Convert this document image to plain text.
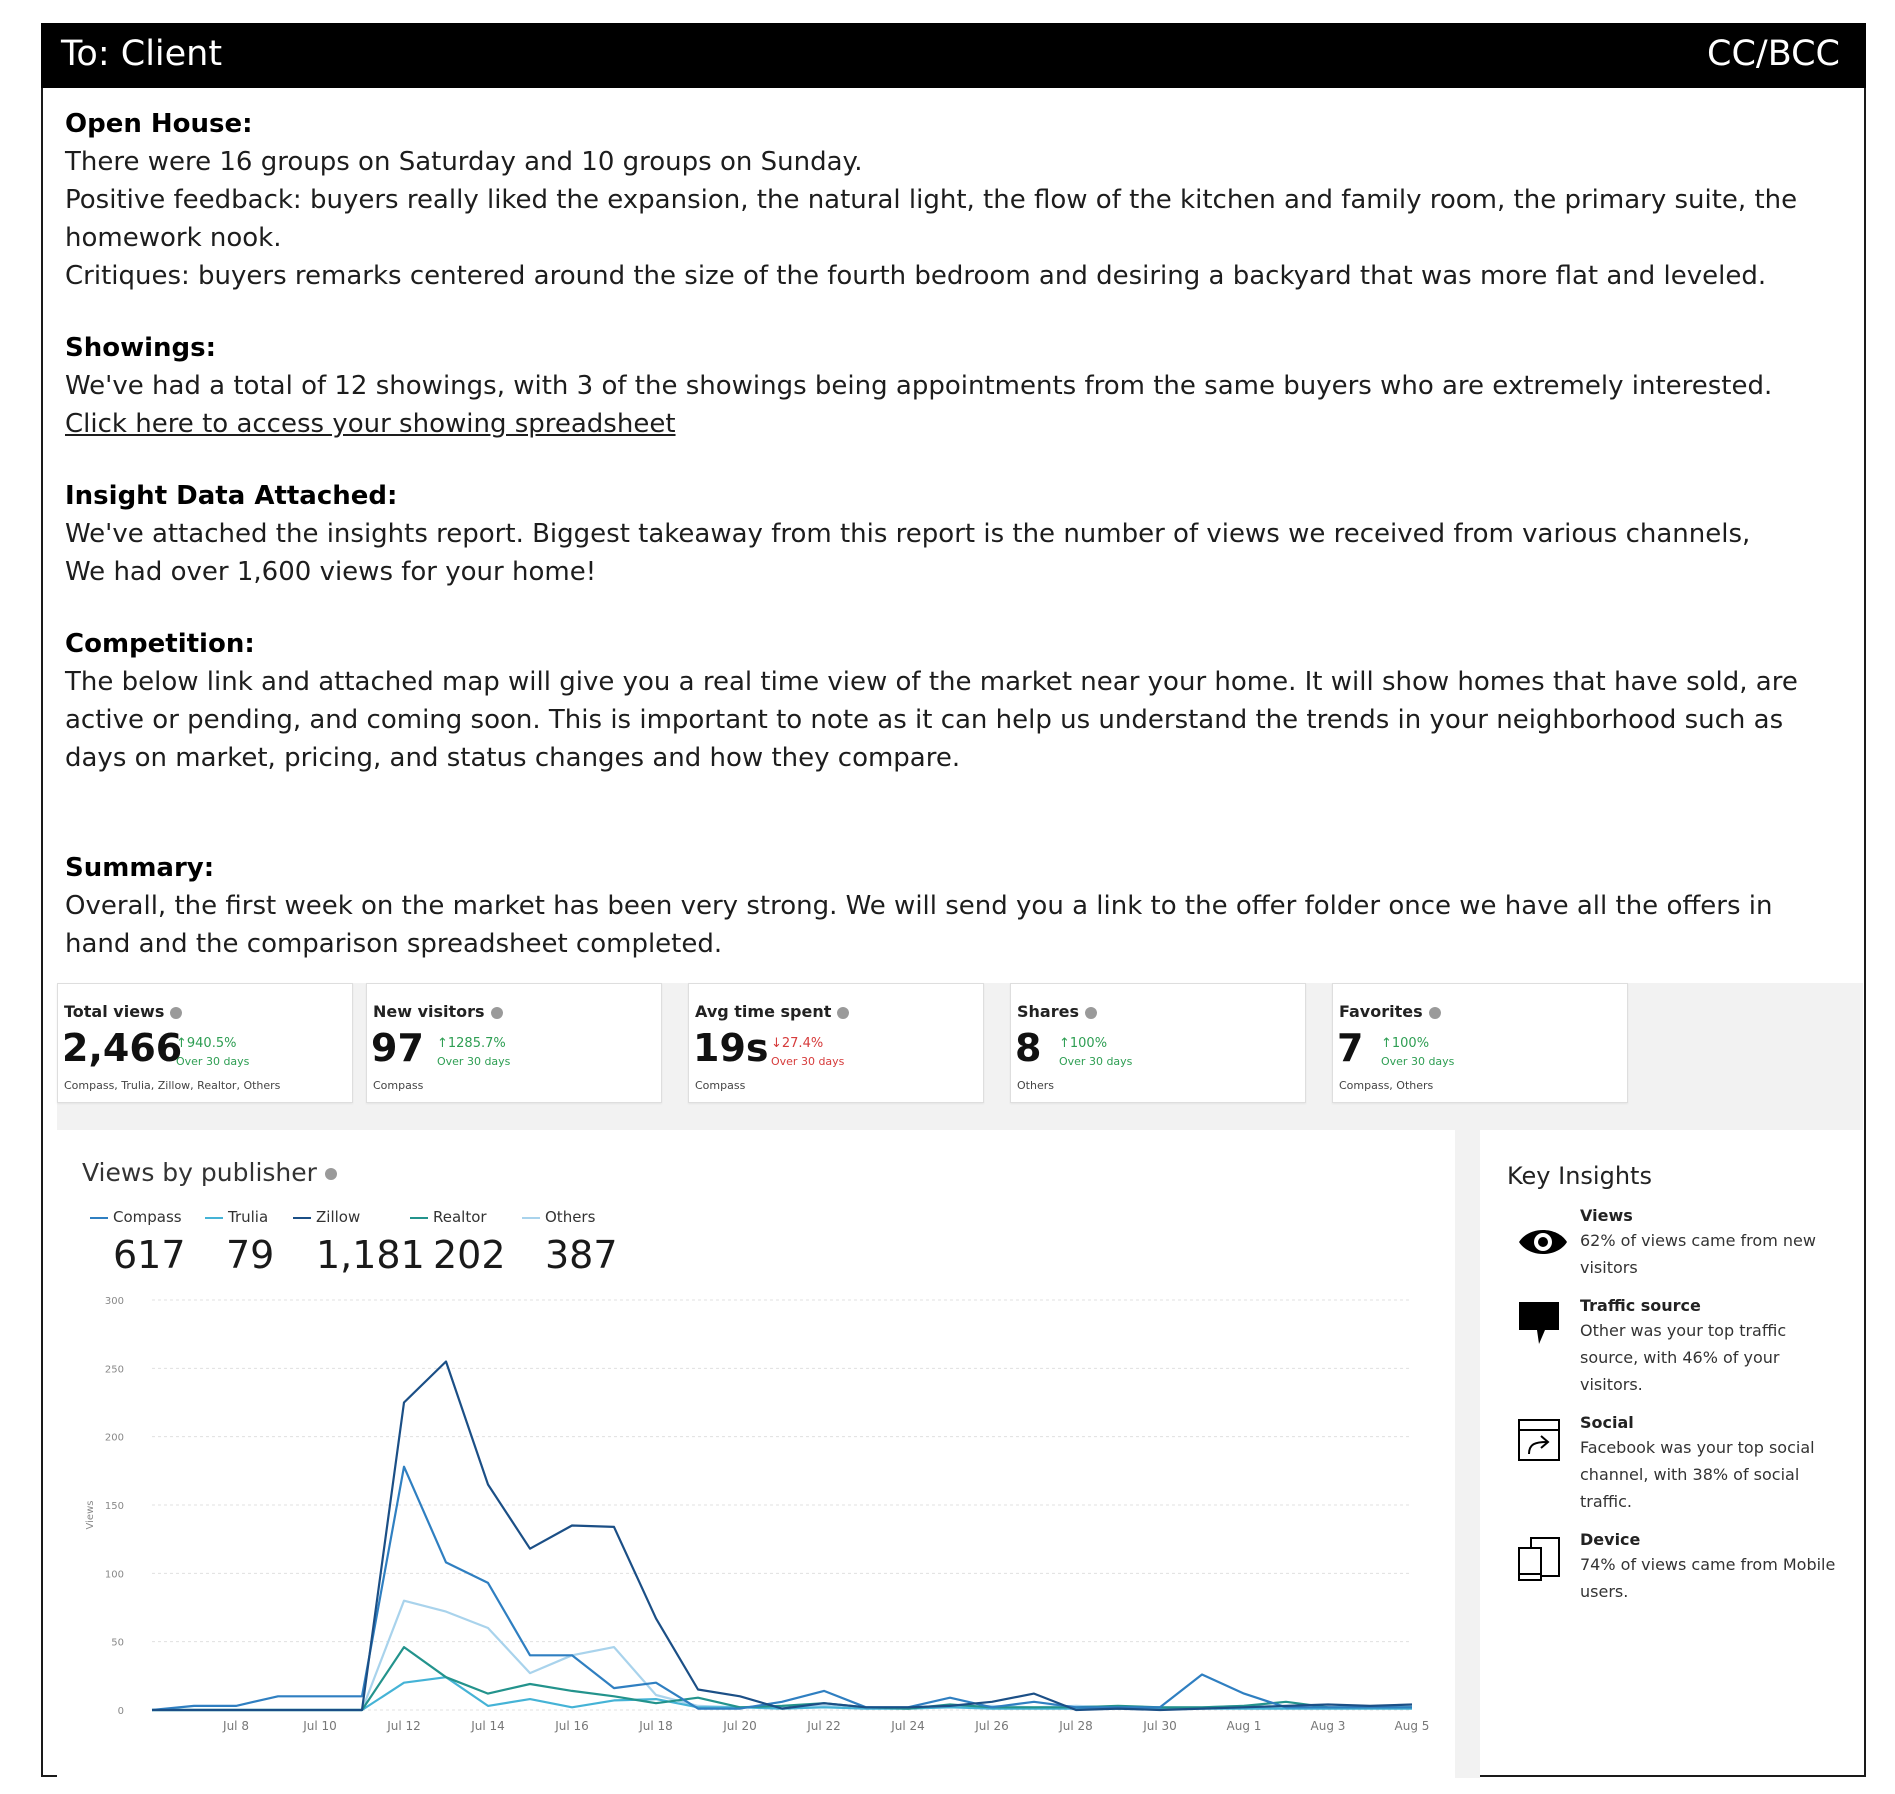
To: Client	CC/BCC
Open House:
There were 16 groups on Saturday and 10 groups on Sunday.
Positive feedback: buyers really liked the expansion, the natural light, the flow of the kitchen and family room, the primary suite, the homework nook.
Critiques: buyers remarks centered around the size of the fourth bedroom and desiring a backyard that was more flat and leveled.
Showings:
We've had a total of 12 showings, with 3 of the showings being appointments from the same buyers who are extremely interested.
Click here to access your showing spreadsheet
Insight Data Attached:
We've attached the insights report. Biggest takeaway from this report is the number of views we received from various channels,
We had over 1,600 views for your home!
Competition:
The below link and attached map will give you a real time view of the market near your home. It will show homes that have sold, are active or pending, and coming soon. This is important to note as it can help us understand the trends in your neighborhood such as days on market, pricing, and status changes and how they compare.
Summary:
Overall, the first week on the market has been very strong. We will send you a link to the offer folder once we have all the offers in hand and the comparison spreadsheet completed.
Total views
2,466
↑940.5%
Over 30 days
Compass, Trulia, Zillow, Realtor, Others
New visitors
97 ↑1285.7%
Over 30 days
Compass
Avg time spent
19s ↓27.4%
Over 30 days
Compass
Shares
8 ↑100%
Over 30 days
Others
Favorites
7 ↑100%
Over 30 days
Compass, Others
Views by publisher
Compass	Trulia	Zillow	Realtor	Others
617 79 1,181 202 387
0
50
100
150
200
250
300
Views
Jul 8	Jul 10	Jul 12	Jul 14	Jul 16	Jul 18	Jul 20	Jul 22	Jul 24	Jul 26	Jul 28	Jul 30	Aug 1	Aug 3	Aug 5
Key Insights
Views
62% of views came from new visitors
Traffic source
Other was your top traffic source, with 46% of your visitors.
Social
Facebook was your top social channel, with 38% of social traffic.
Device
74% of views came from Mobile users.
